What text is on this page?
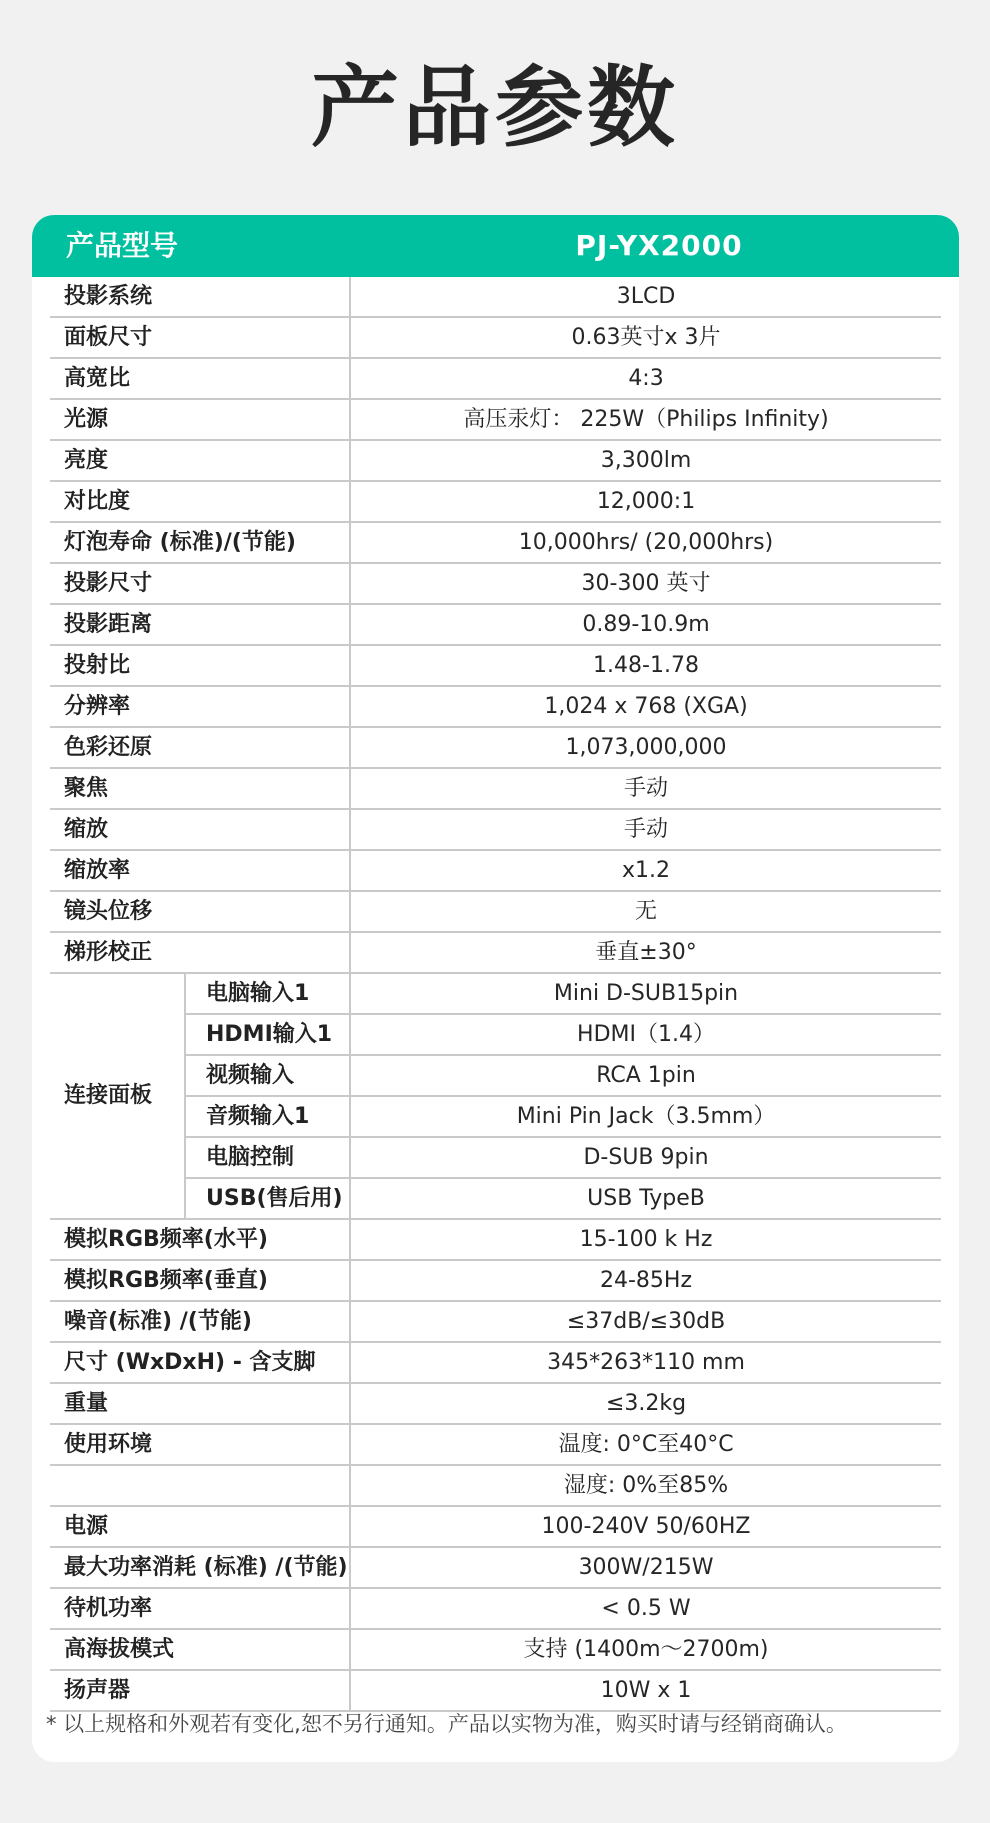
产品参数
产品型号	PJ-YX2000
投影系统		3LCD
面板尺寸		0.63英寸x 3片
高宽比		4:3
光源		高压汞灯： 225W（Philips Infinity)
亮度		3,300lm
对比度		12,000:1
灯泡寿命 (标准)/(节能)		10,000hrs/ (20,000hrs)
投影尺寸		30-300 英寸
投影距离		0.89-10.9m
投射比		1.48-1.78
分辨率		1,024 x 768 (XGA)
色彩还原		1,073,000,000
聚焦		手动
缩放		手动
缩放率		x1.2
镜头位移		无
梯形校正		垂直±30°
连接面板	电脑输入1	Mini D-SUB15pin
	HDMI输入1	HDMI（1.4）
	视频输入	RCA 1pin
	音频输入1	Mini Pin Jack（3.5mm）
	电脑控制	D-SUB 9pin
	USB(售后用)	USB TypeB
模拟RGB频率(水平)		15-100 k Hz
模拟RGB频率(垂直)		24-85Hz
噪音(标准) /(节能)		≤37dB/≤30dB
尺寸 (WxDxH) - 含支脚		345*263*110 mm
重量		≤3.2kg
使用环境		温度: 0°C至40°C
		湿度: 0%至85%
电源		100-240V 50/60HZ
最大功率消耗 (标准) /(节能)		300W/215W
待机功率		< 0.5 W
高海拔模式		支持 (1400m～2700m)
扬声器		10W x 1
* 以上规格和外观若有变化,恕不另行通知。产品以实物为准，购买时请与经销商确认。
